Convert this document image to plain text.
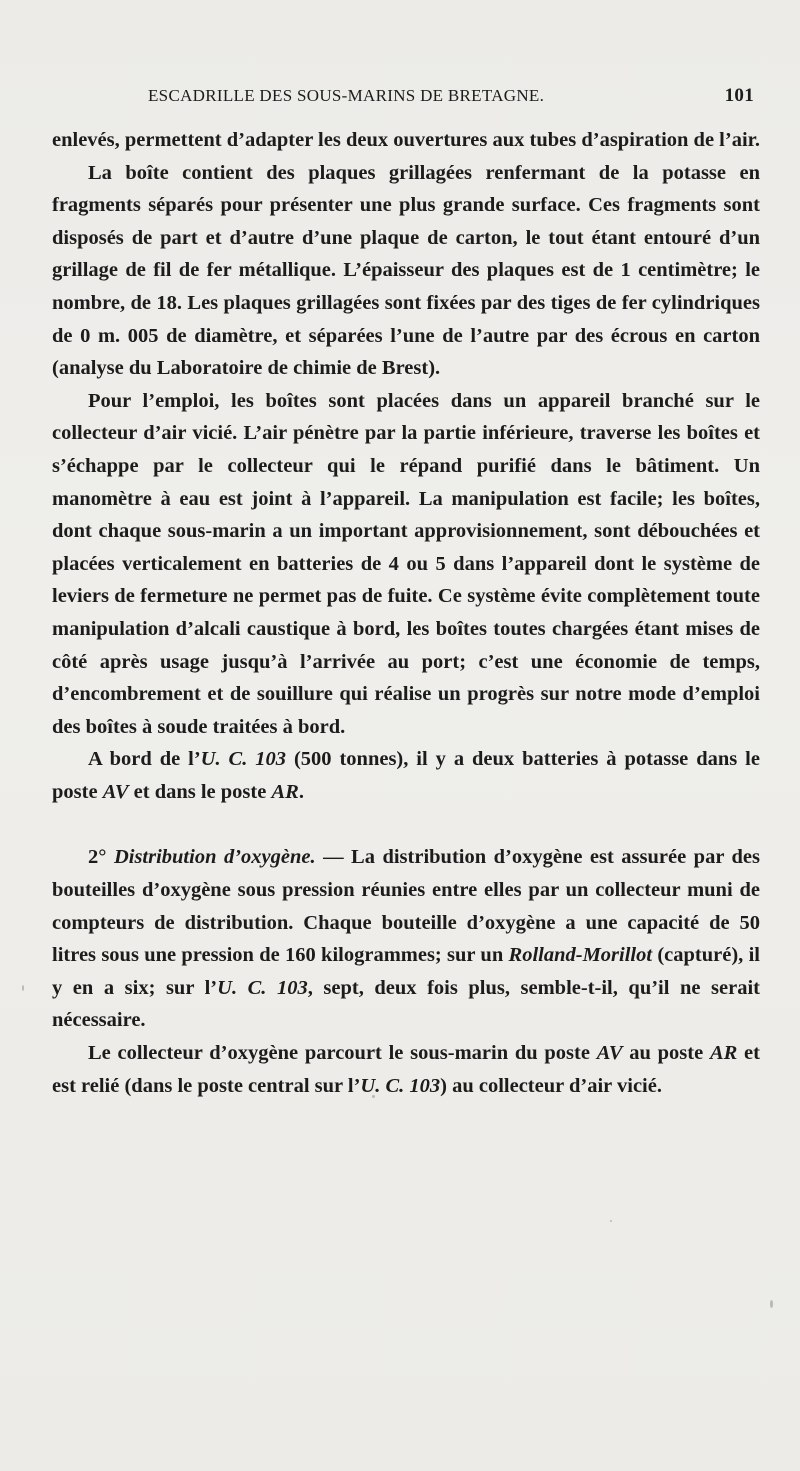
ESCADRILLE DES SOUS-MARINS DE BRETAGNE.	101

enlevés, permettent d’adapter les deux ouvertures aux tubes d’aspiration de l’air.

La boîte contient des plaques grillagées renfermant de la potasse en fragments séparés pour présenter une plus grande surface. Ces fragments sont disposés de part et d’autre d’une plaque de carton, le tout étant entouré d’un grillage de fil de fer métallique. L’épaisseur des plaques est de 1 centimètre; le nombre, de 18. Les plaques grillagées sont fixées par des tiges de fer cylindriques de 0 m. 005 de diamètre, et séparées l’une de l’autre par des écrous en carton (analyse du Laboratoire de chimie de Brest).

Pour l’emploi, les boîtes sont placées dans un appareil branché sur le collecteur d’air vicié. L’air pénètre par la partie inférieure, traverse les boîtes et s’échappe par le collecteur qui le répand purifié dans le bâtiment. Un manomètre à eau est joint à l’appareil. La manipulation est facile; les boîtes, dont chaque sous-marin a un important approvisionnement, sont débouchées et placées verticalement en batteries de 4 ou 5 dans l’appareil dont le système de leviers de fermeture ne permet pas de fuite. Ce système évite complètement toute manipulation d’alcali caustique à bord, les boîtes toutes chargées étant mises de côté après usage jusqu’à l’arrivée au port; c’est une économie de temps, d’encombrement et de souillure qui réalise un progrès sur notre mode d’emploi des boîtes à soude traitées à bord.

A bord de l’U. C. 103 (500 tonnes), il y a deux batteries à potasse dans le poste AV et dans le poste AR.

2° Distribution d’oxygène. — La distribution d’oxygène est assurée par des bouteilles d’oxygène sous pression réunies entre elles par un collecteur muni de compteurs de distribution. Chaque bouteille d’oxygène a une capacité de 50 litres sous une pression de 160 kilogrammes; sur un Rolland-Morillot (capturé), il y en a six; sur l’U. C. 103, sept, deux fois plus, semble-t-il, qu’il ne serait nécessaire.

Le collecteur d’oxygène parcourt le sous-marin du poste AV au poste AR et est relié (dans le poste central sur l’U. C. 103) au collecteur d’air vicié.
